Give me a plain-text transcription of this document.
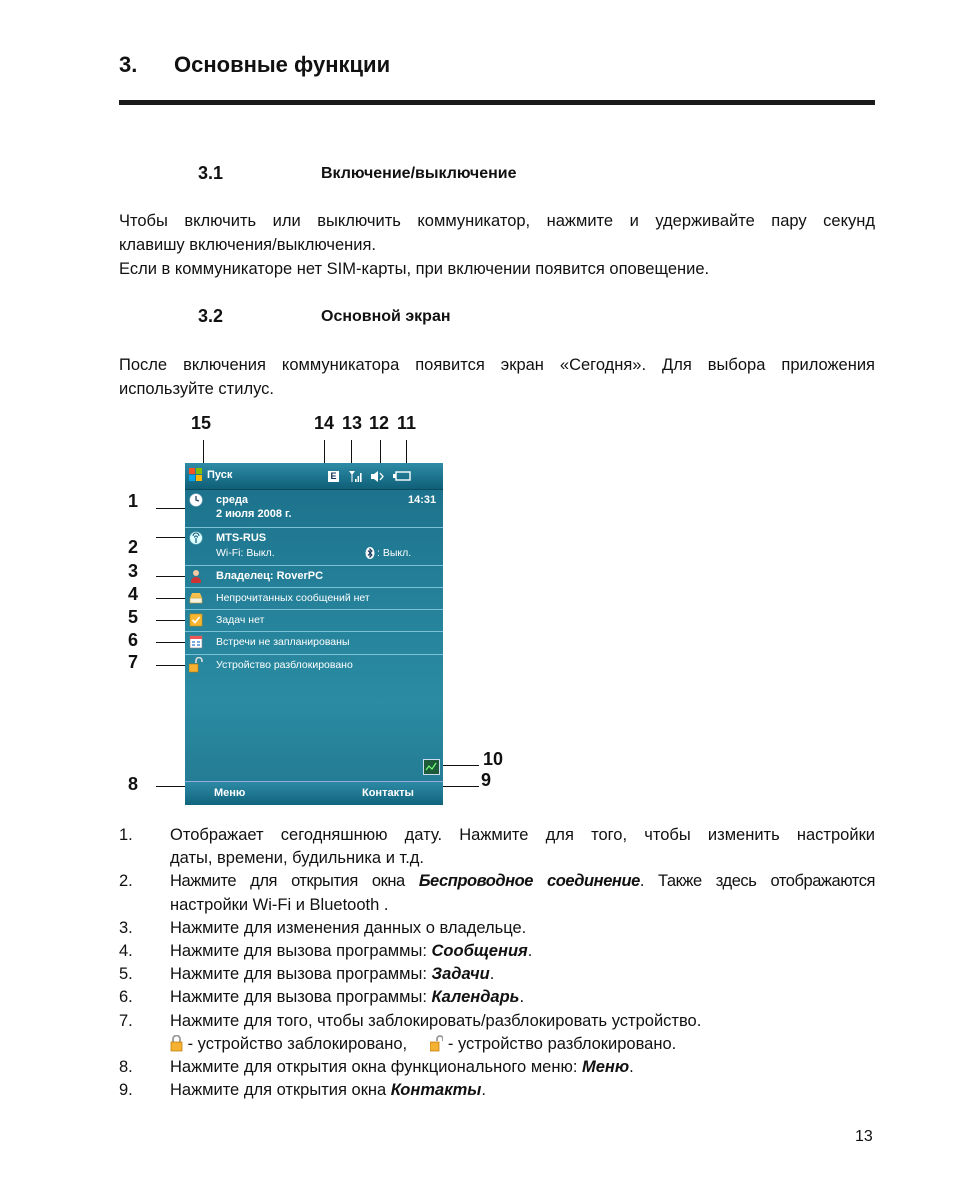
3. Основные функции
3.1	Включение/выключение
Чтобы включить или выключить коммуникатор, нажмите и удерживайте пару секунд
клавишу включения/выключения.
Если в коммуникаторе нет SIM-карты, при включении появится оповещение.
3.2	Основной экран
После включения коммуникатора появится экран «Сегодня». Для выбора приложения
используйте стилус.
15	14 13 12 11
1
2
3
4
5
6
7
8	9
10
Пуск	E
среда
2 июля 2008 г.
14:31
MTS-RUS
Wi-Fi: Выкл.	: Выкл.
Владелец: RoverPC
Непрочитанных сообщений нет
Задач нет
Встречи не запланированы
Устройство разблокировано
Меню	Контакты
1. Отображает сегодняшнюю дату. Нажмите для того, чтобы изменить настройки
даты, времени, будильника и т.д.
2. Нажмите для открытия окна Беспроводное соединение. Также здесь отображаются
настройки Wi-Fi и Bluetooth .
3. Нажмите для изменения данных о владельце.
4. Нажмите для вызова программы: Сообщения.
5. Нажмите для вызова программы: Задачи.
6. Нажмите для вызова программы: Календарь.
7. Нажмите для того, чтобы заблокировать/разблокировать устройство.
- устройство заблокировано,   - устройство разблокировано.
8. Нажмите для открытия окна функционального меню: Меню.
9. Нажмите для открытия окна Контакты.
13
